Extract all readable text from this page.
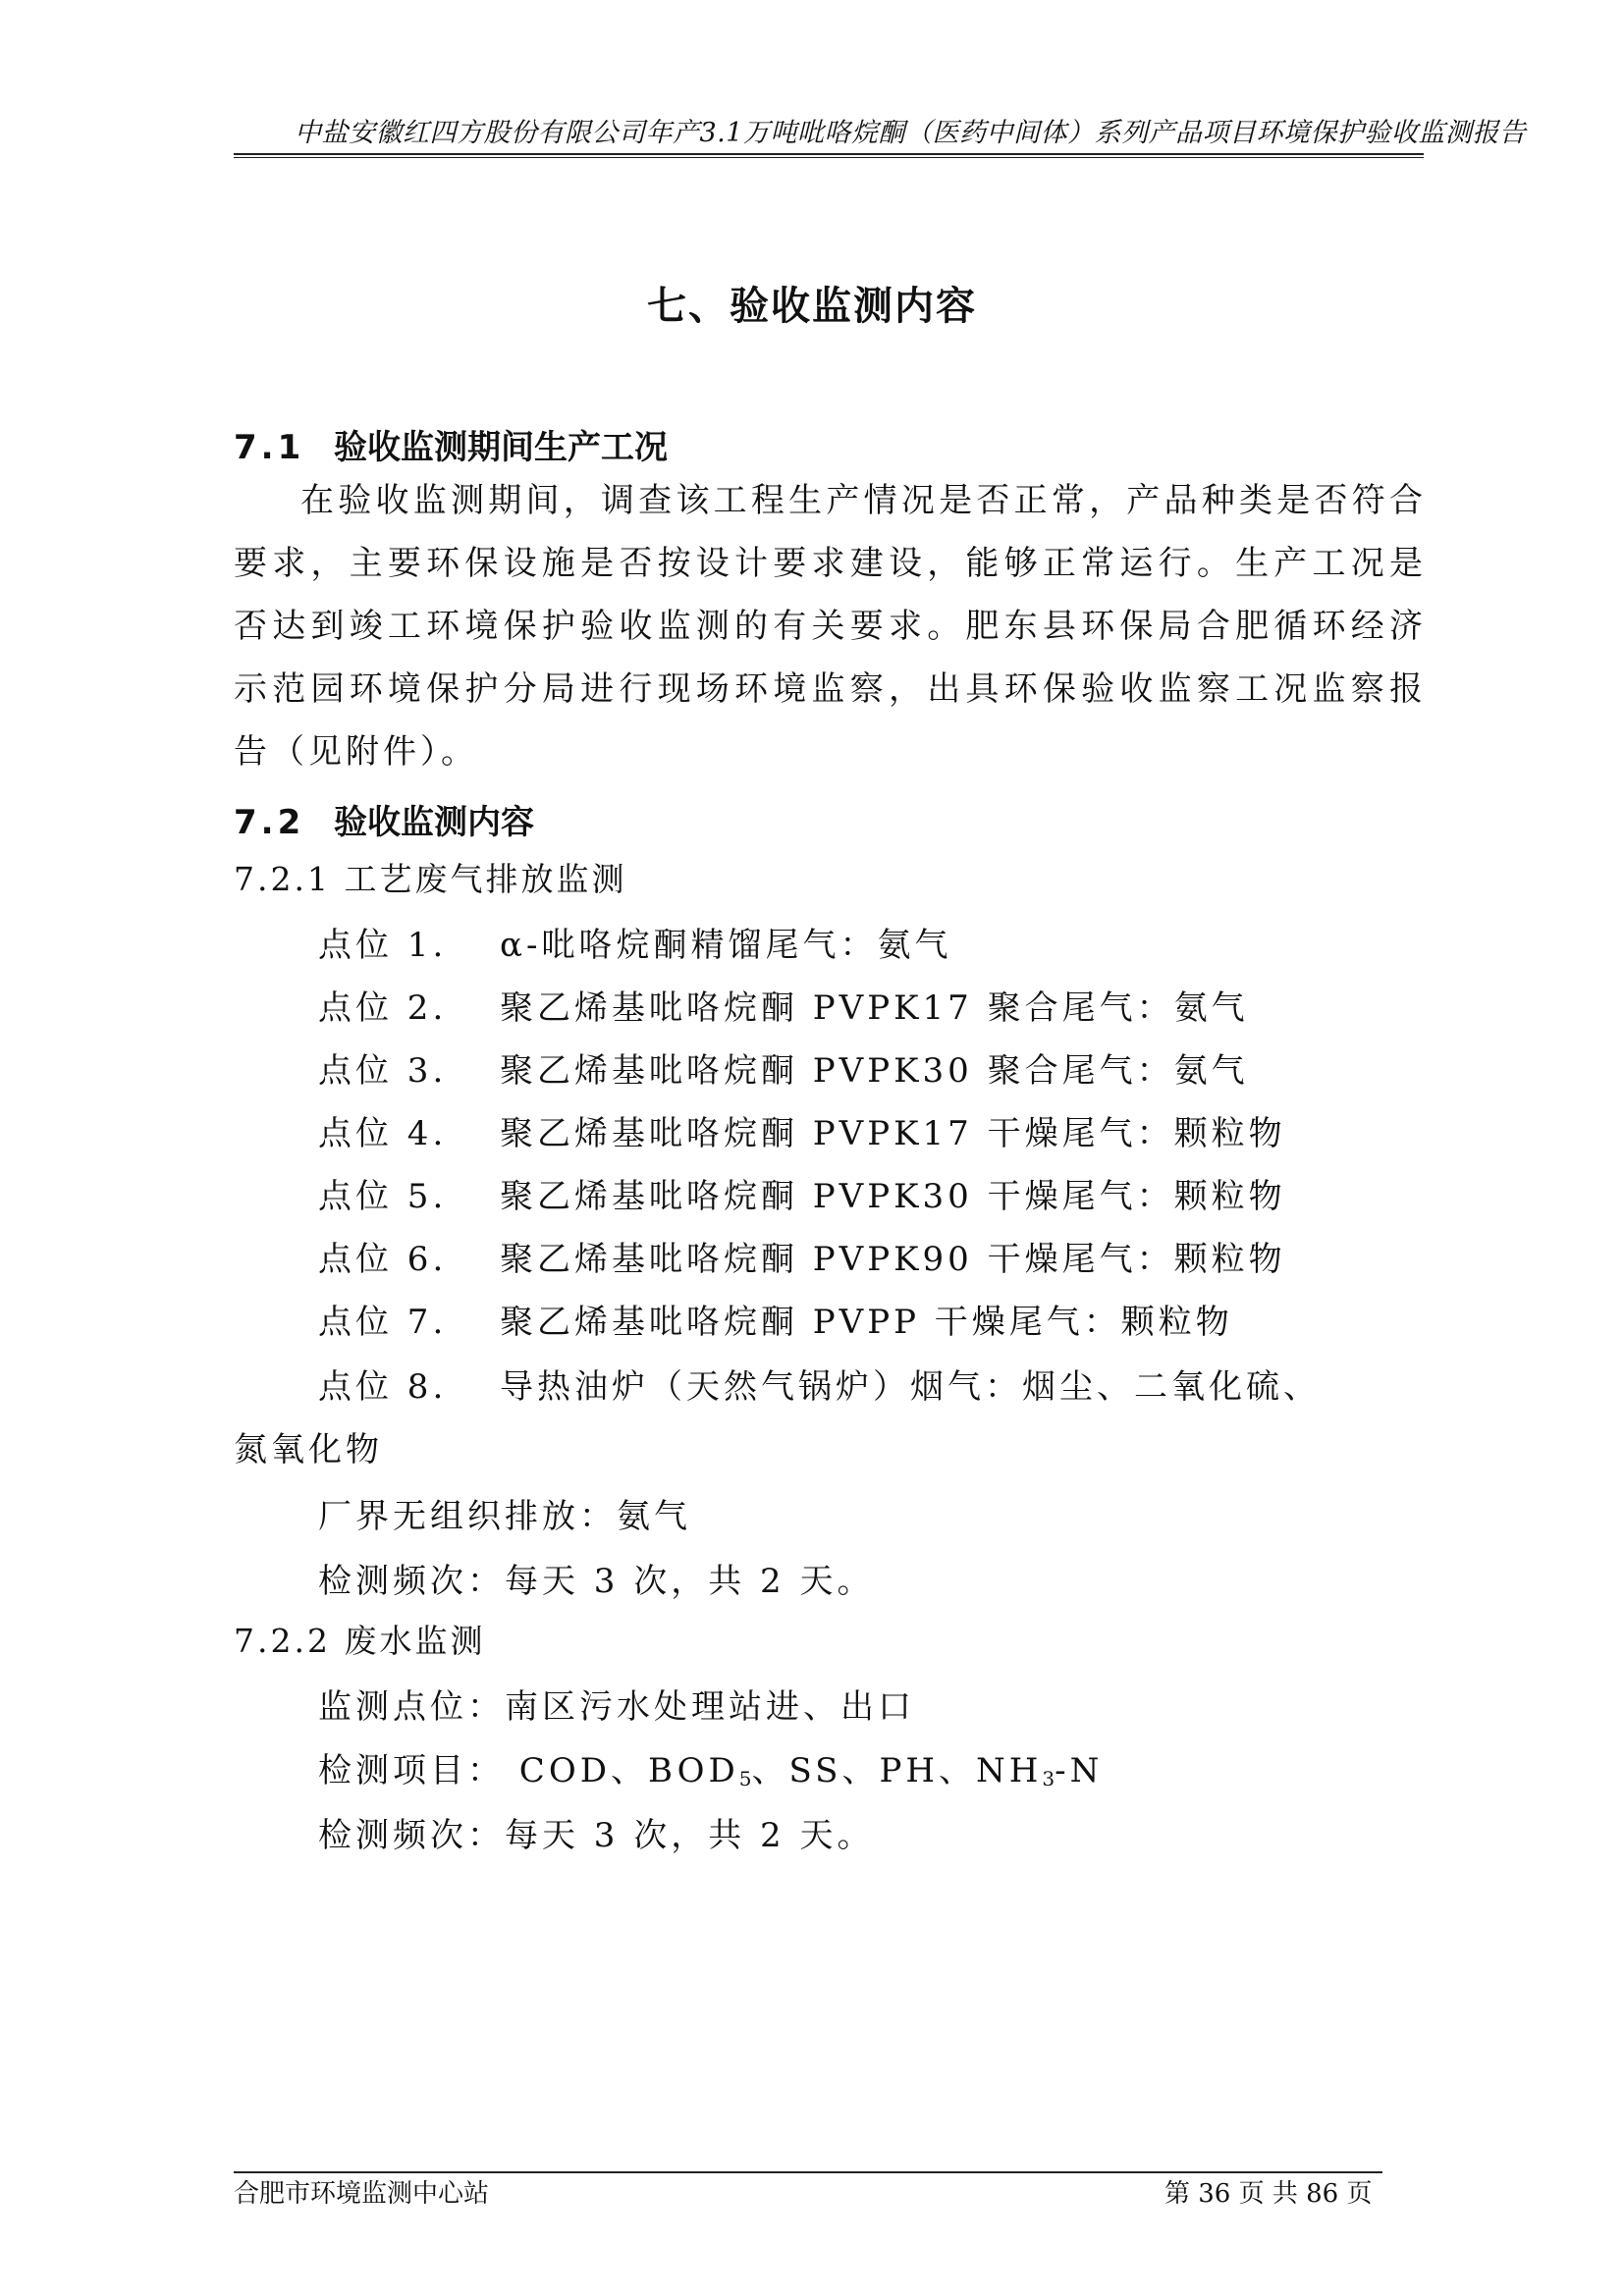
中盐安徽红四方股份有限公司年产3.1万吨吡咯烷酮（医药中间体）系列产品项目环境保护验收监测报告
七、验收监测内容
7.1 验收监测期间生产工况

在验收监测期间，调查该工程生产情况是否正常，产品种类是否符合要求，主要环保设施是否按设计要求建设，能够正常运行。生产工况是否达到竣工环境保护验收监测的有关要求。肥东县环保局合肥循环经济示范园环境保护分局进行现场环境监察，出具环保验收监察工况监察报告（见附件）。

7.2 验收监测内容
7.2.1 工艺废气排放监测
点位 1. α-吡咯烷酮精馏尾气：氨气
点位 2. 聚乙烯基吡咯烷酮 PVPK17 聚合尾气：氨气
点位 3. 聚乙烯基吡咯烷酮 PVPK30 聚合尾气：氨气
点位 4. 聚乙烯基吡咯烷酮 PVPK17 干燥尾气：颗粒物
点位 5. 聚乙烯基吡咯烷酮 PVPK30 干燥尾气：颗粒物
点位 6. 聚乙烯基吡咯烷酮 PVPK90 干燥尾气：颗粒物
点位 7. 聚乙烯基吡咯烷酮 PVPP 干燥尾气：颗粒物
点位 8. 导热油炉（天然气锅炉）烟气：烟尘、二氧化硫、
氮氧化物
厂界无组织排放：氨气
检测频次：每天 3 次，共 2 天。
7.2.2 废水监测
监测点位：南区污水处理站进、出口
检测项目： COD、$BOD_5$、SS、PH、$NH_3-N$
检测频次：每天 3 次，共 2 天。
合肥市环境监测中心站	第 36 页 共 86 页
